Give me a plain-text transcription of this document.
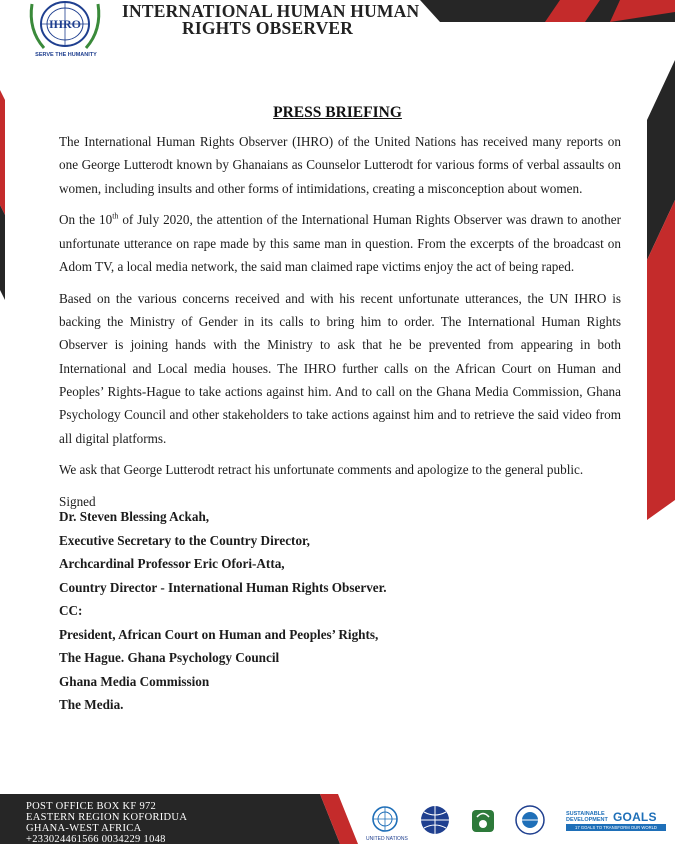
IHRO
SERVE THE HUMANITY
INTERNATIONAL HUMAN HUMAN
RIGHTS OBSERVER
PRESS BRIEFING

The International Human Rights Observer (IHRO) of the United Nations has received many reports on one George Lutterodt known by Ghanaians as Counselor Lutterodt for various forms of verbal assaults on women, including insults and other forms of intimidations, creating a misconception about women.

On the 10th of July 2020, the attention of the International Human Rights Observer was drawn to another unfortunate utterance on rape made by this same man in question. From the excerpts of the broadcast on Adom TV, a local media network, the said man claimed rape victims enjoy the act of being raped.

Based on the various concerns received and with his recent unfortunate utterances, the UN IHRO is backing the Ministry of Gender in its calls to bring him to order. The International Human Rights Observer is joining hands with the Ministry to ask that he be prevented from appearing in both International and Local media houses. The IHRO further calls on the African Court on Human and Peoples’ Rights-Hague to take actions against him. And to call on the Ghana Media Commission, Ghana Psychology Council and other stakeholders to take actions against him and to retrieve the said video from all digital platforms.

We ask that George Lutterodt retract his unfortunate comments and apologize to the general public.

Signed

Dr. Steven Blessing Ackah,
Executive Secretary to the Country Director,
Archcardinal Professor Eric Ofori-Atta,
Country Director - International Human Rights Observer.
CC:
President, African Court on Human and Peoples’ Rights,
The Hague. Ghana Psychology Council
Ghana Media Commission
The Media.
POST OFFICE BOX KF 972
EASTERN REGION KOFORIDUA
GHANA-WEST AFRICA
+233024461566 0034229 1048	UNITED NATIONS
SUSTAINABLE
DEVELOPMENT GOALS
17 GOALS TO TRANSFORM OUR WORLD
